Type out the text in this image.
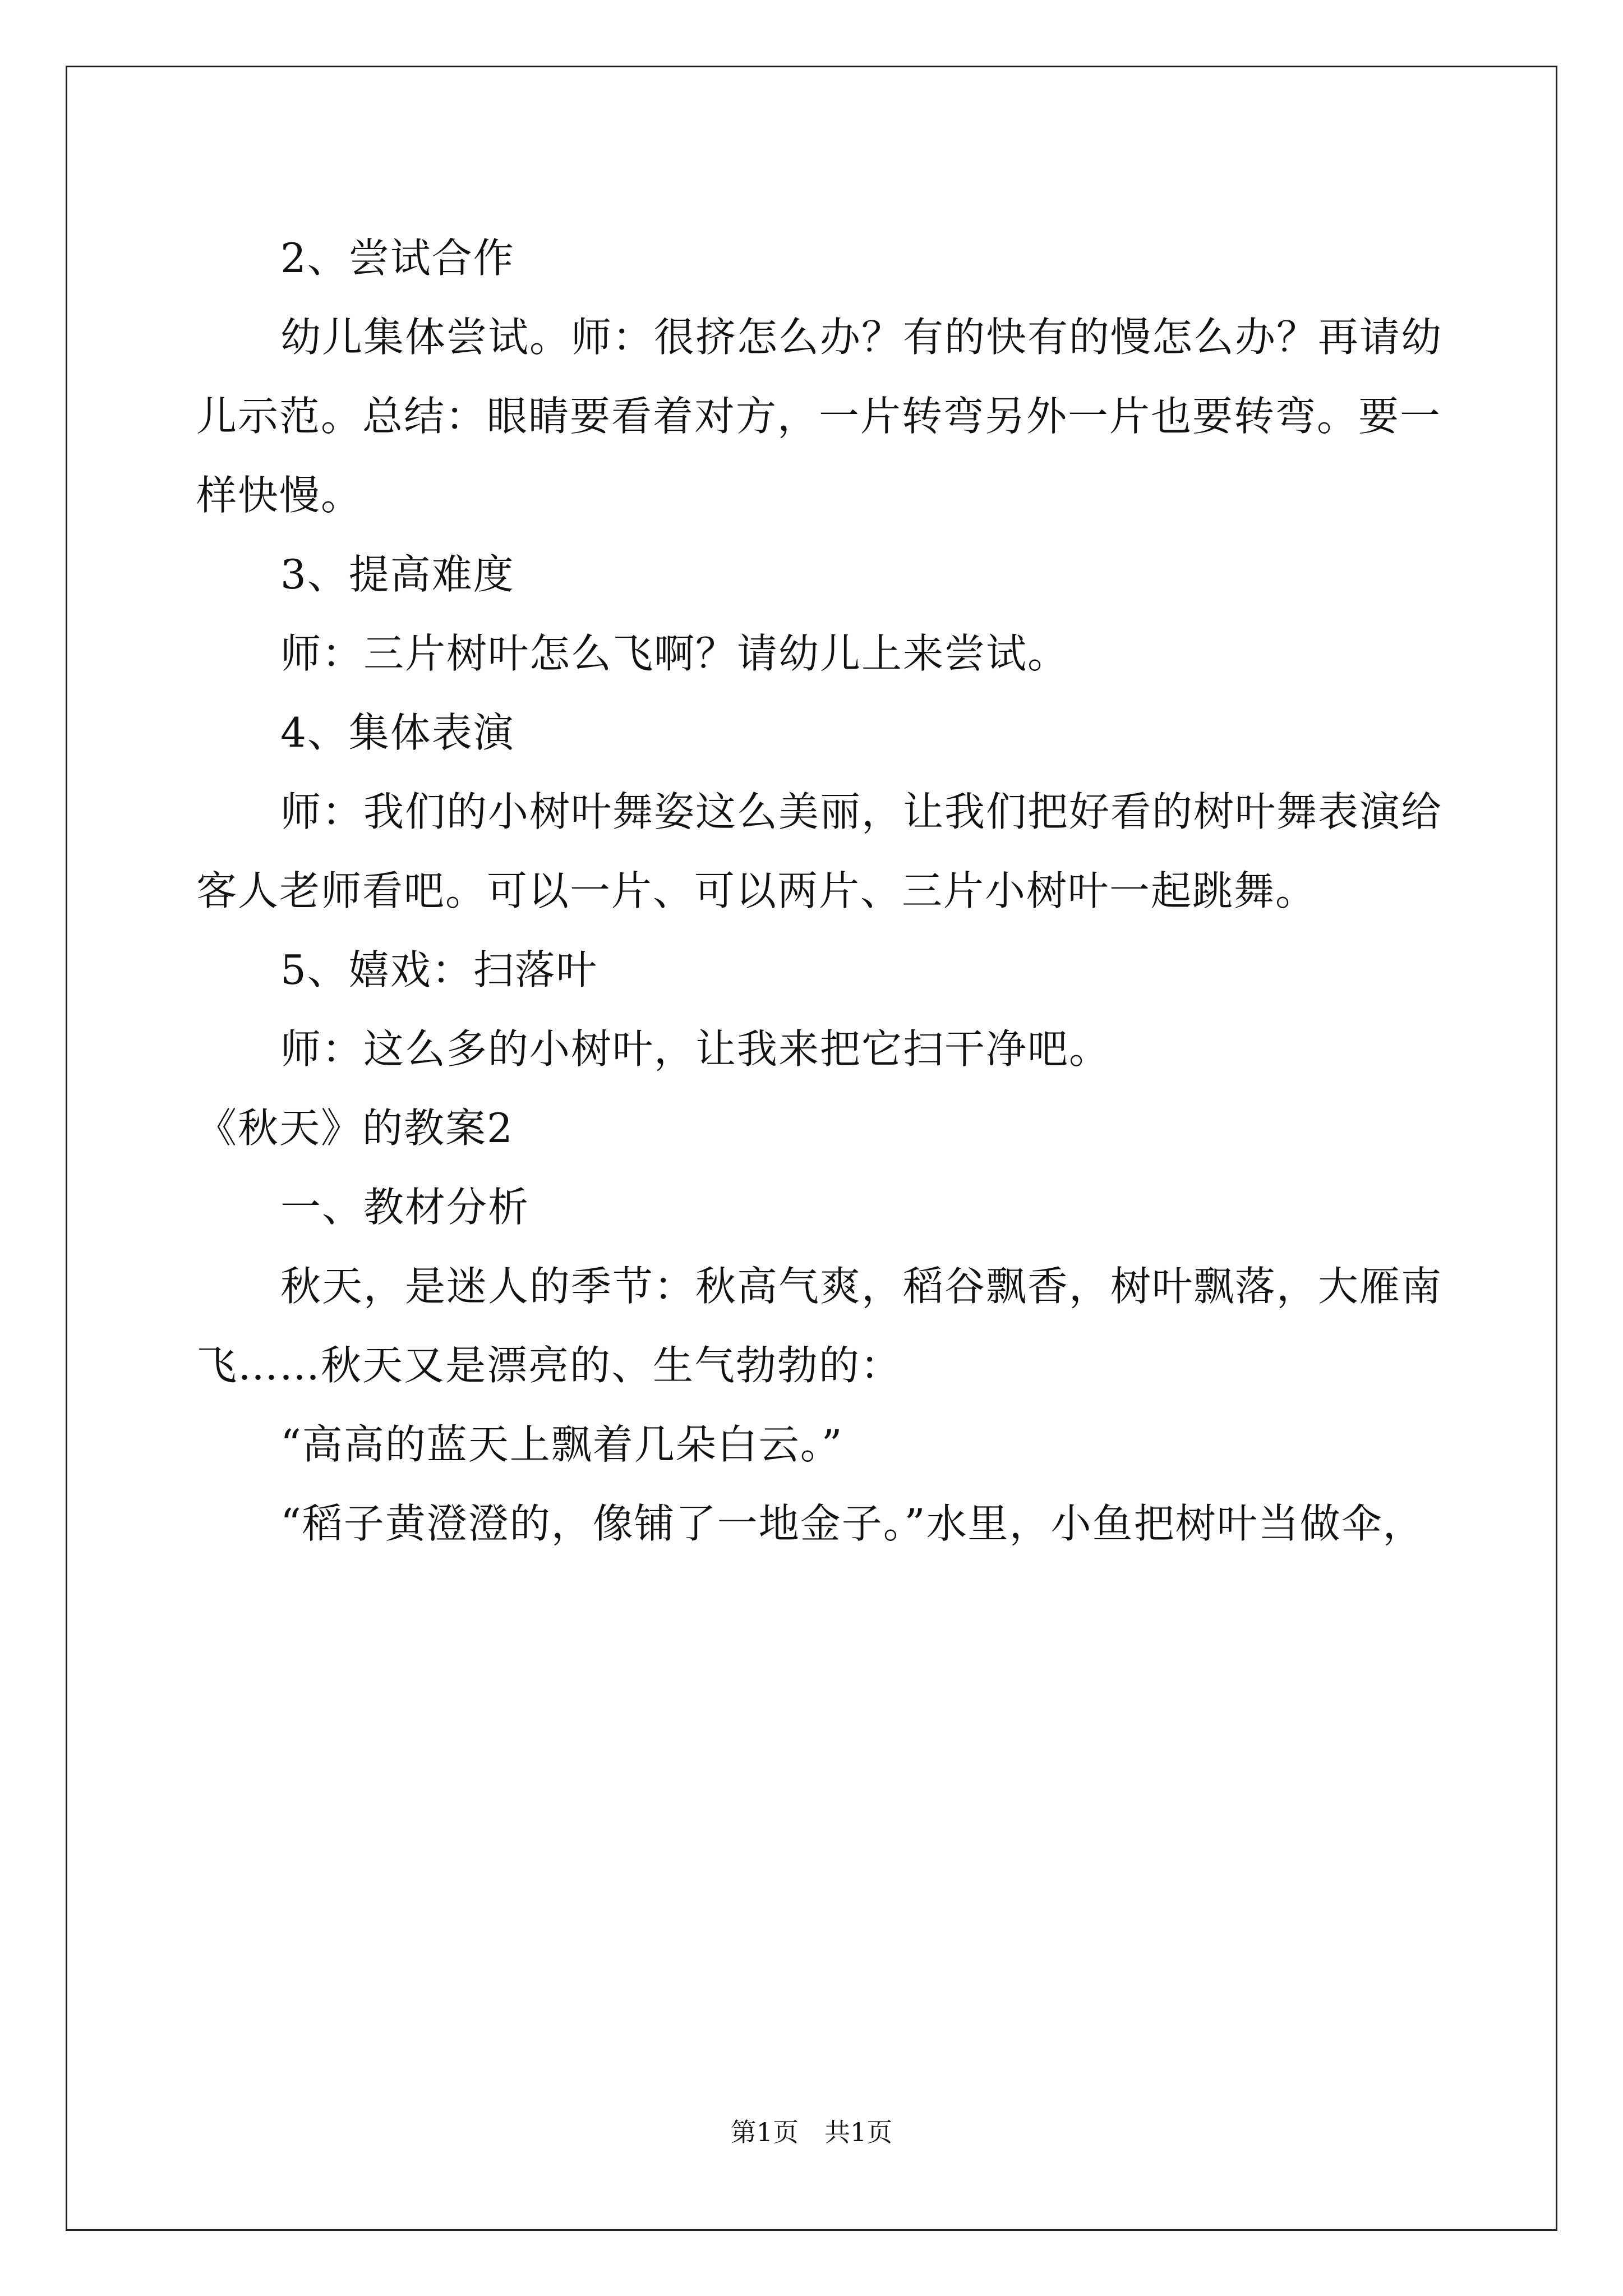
2、尝试合作

幼儿集体尝试。师：很挤怎么办？有的快有的慢怎么办？再请幼

儿示范。总结：眼睛要看着对方，一片转弯另外一片也要转弯。要一

样快慢。

3、提高难度

师：三片树叶怎么飞啊？请幼儿上来尝试。

4、集体表演

师：我们的小树叶舞姿这么美丽，让我们把好看的树叶舞表演给

客人老师看吧。可以一片、可以两片、三片小树叶一起跳舞。

5、嬉戏：扫落叶

师：这么多的小树叶，让我来把它扫干净吧。

《秋天》的教案2

一、教材分析

秋天，是迷人的季节：秋高气爽，稻谷飘香，树叶飘落，大雁南

飞……秋天又是漂亮的、生气勃勃的：

“高高的蓝天上飘着几朵白云。”

“稻子黄澄澄的，像铺了一地金子。”水里，小鱼把树叶当做伞，

第1页　共1页
